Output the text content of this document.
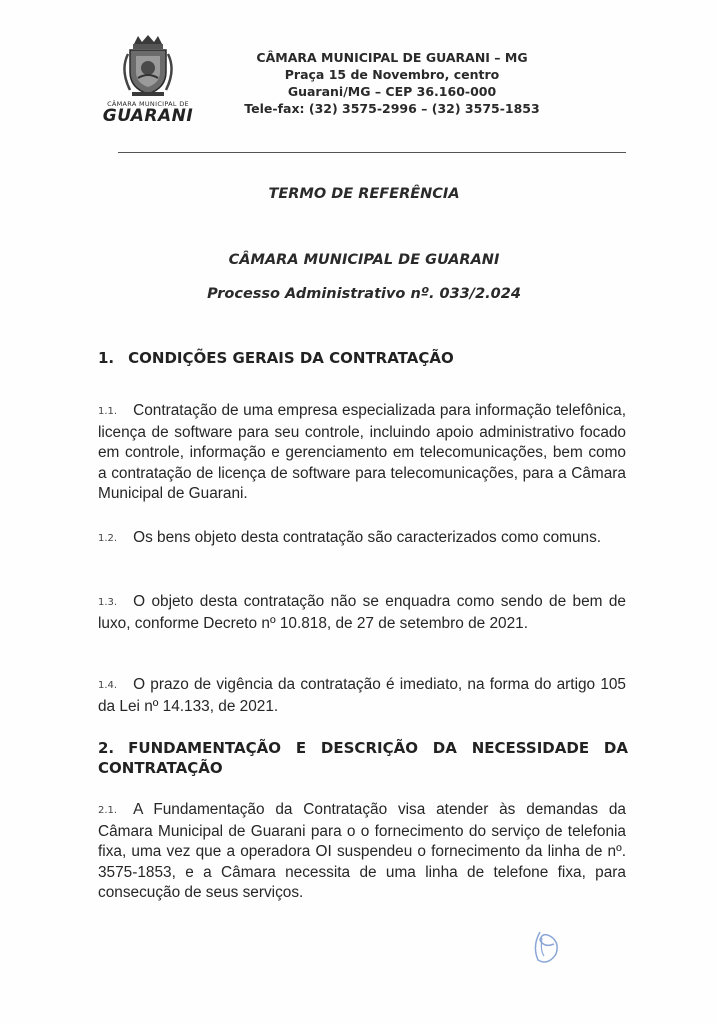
CÂMARA MUNICIPAL DE
GUARANI
CÂMARA MUNICIPAL DE GUARANI – MG
Praça 15 de Novembro, centro
Guarani/MG – CEP 36.160-000
Tele-fax: (32) 3575-2996 – (32) 3575-1853
TERMO DE REFERÊNCIA
CÂMARA MUNICIPAL DE GUARANI
Processo Administrativo nº. 033/2.024
1. CONDIÇÕES GERAIS DA CONTRATAÇÃO
1.1. Contratação de uma empresa especializada para informação telefônica, licença de software para seu controle, incluindo apoio administrativo focado em controle, informação e gerenciamento em telecomunicações, bem como a contratação de licença de software para telecomunicações, para a Câmara Municipal de Guarani.
1.2. Os bens objeto desta contratação são caracterizados como comuns.
1.3. O objeto desta contratação não se enquadra como sendo de bem de luxo, conforme Decreto nº 10.818, de 27 de setembro de 2021.
1.4. O prazo de vigência da contratação é imediato, na forma do artigo 105 da Lei nº 14.133, de 2021.
2. FUNDAMENTAÇÃO E DESCRIÇÃO DA NECESSIDADE DA CONTRATAÇÃO
2.1. A Fundamentação da Contratação visa atender às demandas da Câmara Municipal de Guarani para o o fornecimento do serviço de telefonia fixa, uma vez que a operadora OI suspendeu o fornecimento da linha de nº. 3575-1853, e a Câmara necessita de uma linha de telefone fixa, para consecução de seus serviços.
